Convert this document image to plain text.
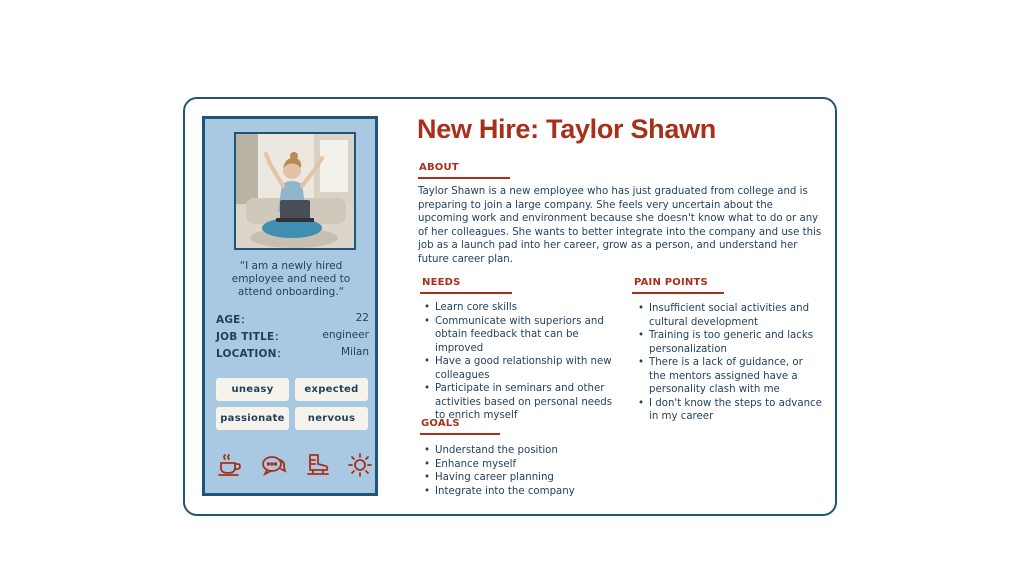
“I am a newly hired employee and need to attend onboarding.“
AGE：	22
JOB TITLE：	engineer
LOCATION：	Milan
uneasy	expected
passionate	nervous
New Hire: Taylor Shawn
ABOUT
Taylor Shawn is a new employee who has just graduated from college and is preparing to join a large company. She feels very uncertain about the upcoming work and environment because she doesn't know what to do or any of her colleagues. She wants to better integrate into the company and use this job as a launch pad into her career, grow as a person, and understand her future career plan.
NEEDS
• Learn core skills
• Communicate with superiors and obtain feedback that can be improved
• Have a good relationship with new colleagues
• Participate in seminars and other activities based on personal needs to enrich myself
GOALS
• Understand the position
• Enhance myself
• Having career planning
• Integrate into the company
PAIN POINTS
• Insufficient social activities and cultural development
• Training is too generic and lacks personalization
• There is a lack of guidance, or the mentors assigned have a personality clash with me
• I don't know the steps to advance in my career
